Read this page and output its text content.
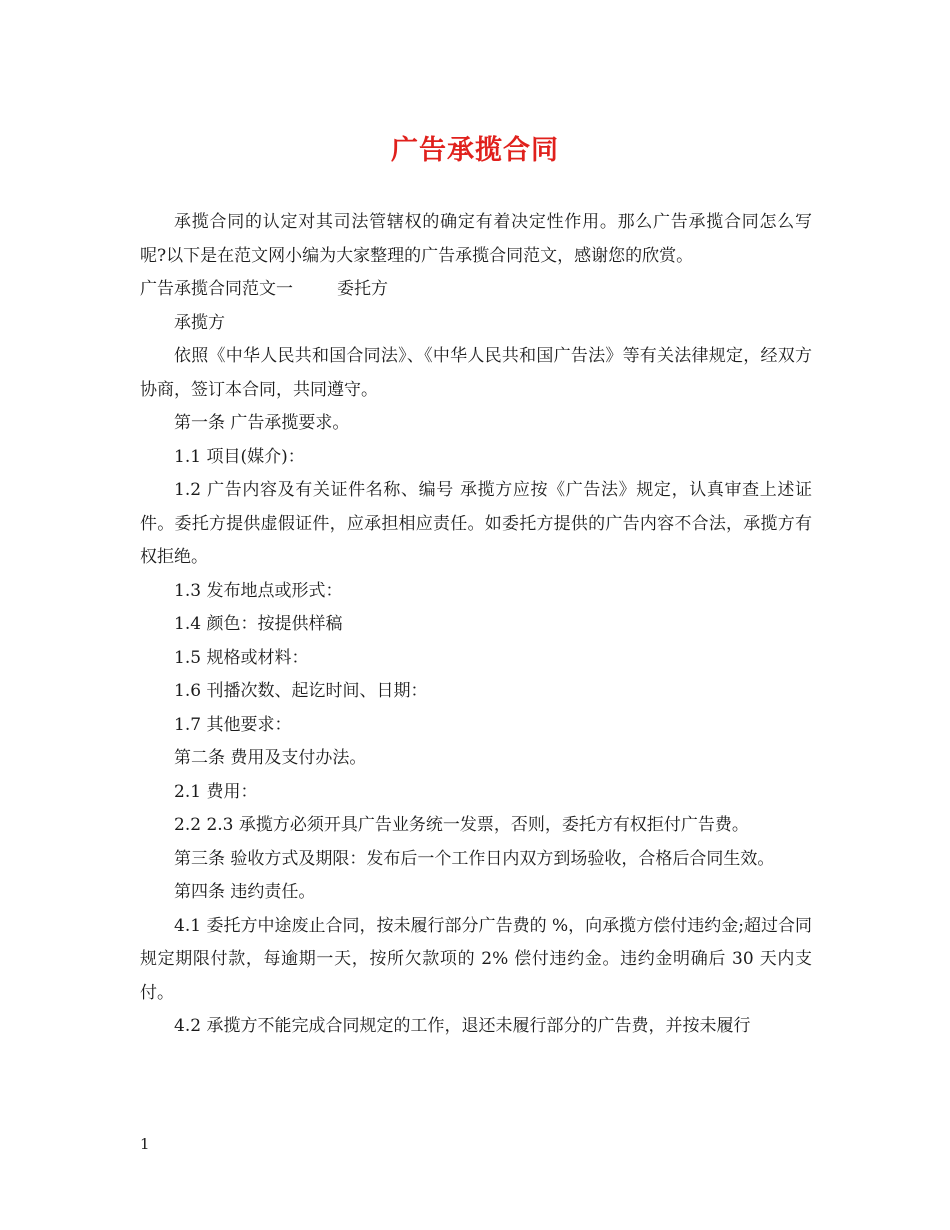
广告承揽合同

承揽合同的认定对其司法管辖权的确定有着决定性作用。那么广告承揽合同怎么写呢?以下是在范文网小编为大家整理的广告承揽合同范文，感谢您的欣赏。

广告承揽合同范文一	委托方

承揽方

依照《中华人民共和国合同法》、《中华人民共和国广告法》等有关法律规定，经双方协商，签订本合同，共同遵守。

第一条 广告承揽要求。

1.1 项目(媒介)：

1.2 广告内容及有关证件名称、编号 承揽方应按《广告法》规定，认真审查上述证件。委托方提供虚假证件，应承担相应责任。如委托方提供的广告内容不合法，承揽方有权拒绝。

1.3 发布地点或形式：

1.4 颜色：按提供样稿

1.5 规格或材料：

1.6 刊播次数、起讫时间、日期：

1.7 其他要求：

第二条 费用及支付办法。

2.1 费用：

2.2 2.3 承揽方必须开具广告业务统一发票，否则，委托方有权拒付广告费。

第三条 验收方式及期限：发布后一个工作日内双方到场验收，合格后合同生效。

第四条 违约责任。

4.1 委托方中途废止合同，按未履行部分广告费的 %，向承揽方偿付违约金;超过合同规定期限付款，每逾期一天，按所欠款项的 2% 偿付违约金。违约金明确后 30 天内支付。

4.2 承揽方不能完成合同规定的工作，退还未履行部分的广告费，并按未履行

1
